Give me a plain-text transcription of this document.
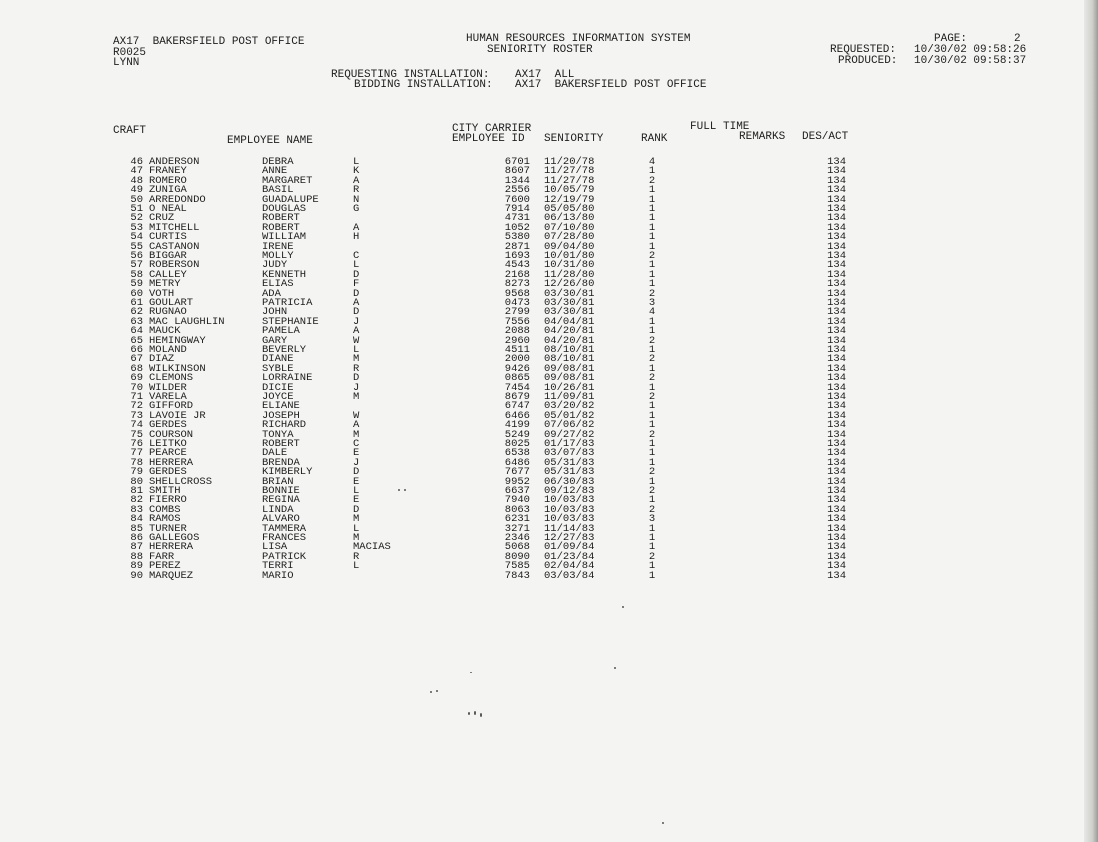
AX17  BAKERSFIELD POST OFFICE
R0025
LYNN
HUMAN RESOURCES INFORMATION SYSTEM
SENIORITY ROSTER
PAGE:	2
REQUESTED: 10/30/02 09:58:26
PRODUCED: 10/30/02 09:58:37
REQUESTING INSTALLATION: AX17  ALL
BIDDING INSTALLATION: AX17  BAKERSFIELD POST OFFICE
CRAFT	CITY CARRIER	FULL TIME
EMPLOYEE NAME	EMPLOYEE ID SENIORITY	RANK	REMARKS DES/ACT
46 ANDERSON	DEBRA	L	6701 11/20/78	4	134
47 FRANEY	ANNE	K	8607 11/27/78	1	134
48 ROMERO	MARGARET	A	1344 11/27/78	2	134
49 ZUNIGA	BASIL	R	2556 10/05/79	1	134
50 ARREDONDO	GUADALUPE	N	7600 12/19/79	1	134
51 O NEAL	DOUGLAS	G	7914 05/05/80	1	134
52 CRUZ	ROBERT	4731 06/13/80	1	134
53 MITCHELL	ROBERT	A	1052 07/10/80	1	134
54 CURTIS	WILLIAM	H	5380 07/28/80	1	134
55 CASTANON	IRENE	2871 09/04/80	1	134
56 BIGGAR	MOLLY	C	1693 10/01/80	2	134
57 ROBERSON	JUDY	L	4543 10/31/80	1	134
58 CALLEY	KENNETH	D	2168 11/28/80	1	134
59 METRY	ELIAS	F	8273 12/26/80	1	134
60 VOTH	ADA	D	9568 03/30/81	2	134
61 GOULART	PATRICIA	A	0473 03/30/81	3	134
62 RUGNAO	JOHN	D	2799 03/30/81	4	134
63 MAC LAUGHLIN	STEPHANIE	J	7556 04/04/81	1	134
64 MAUCK	PAMELA	A	2088 04/20/81	1	134
65 HEMINGWAY	GARY	W	2960 04/20/81	2	134
66 MOLAND	BEVERLY	L	4511 08/10/81	1	134
67 DIAZ	DIANE	M	2000 08/10/81	2	134
68 WILKINSON	SYBLE	R	9426 09/08/81	1	134
69 CLEMONS	LORRAINE	D	0865 09/08/81	2	134
70 WILDER	DICIE	J	7454 10/26/81	1	134
71 VARELA	JOYCE	M	8679 11/09/81	2	134
72 GIFFORD	ELIANE	6747 03/20/82	1	134
73 LAVOIE JR	JOSEPH	W	6466 05/01/82	1	134
74 GERDES	RICHARD	A	4199 07/06/82	1	134
75 COURSON	TONYA	M	5249 09/27/82	2	134
76 LEITKO	ROBERT	C	8025 01/17/83	1	134
77 PEARCE	DALE	E	6538 03/07/83	1	134
78 HERRERA	BRENDA	J	6486 05/31/83	1	134
79 GERDES	KIMBERLY	D	7677 05/31/83	2	134
80 SHELLCROSS	BRIAN	E	9952 06/30/83	1	134
81 SMITH	BONNIE	L	6637 09/12/83	2	134
82 FIERRO	REGINA	E	7940 10/03/83	1	134
83 COMBS	LINDA	D	8063 10/03/83	2	134
84 RAMOS	ALVARO	M	6231 10/03/83	3	134
85 TURNER	TAMMERA	L	3271 11/14/83	1	134
86 GALLEGOS	FRANCES	M	2346 12/27/83	1	134
87 HERRERA	LISA	MACIAS	5068 01/09/84	1	134
88 FARR	PATRICK	R	8090 01/23/84	2	134
89 PEREZ	TERRI	L	7585 02/04/84	1	134
90 MARQUEZ	MARIO	7843 03/03/84	1	134
